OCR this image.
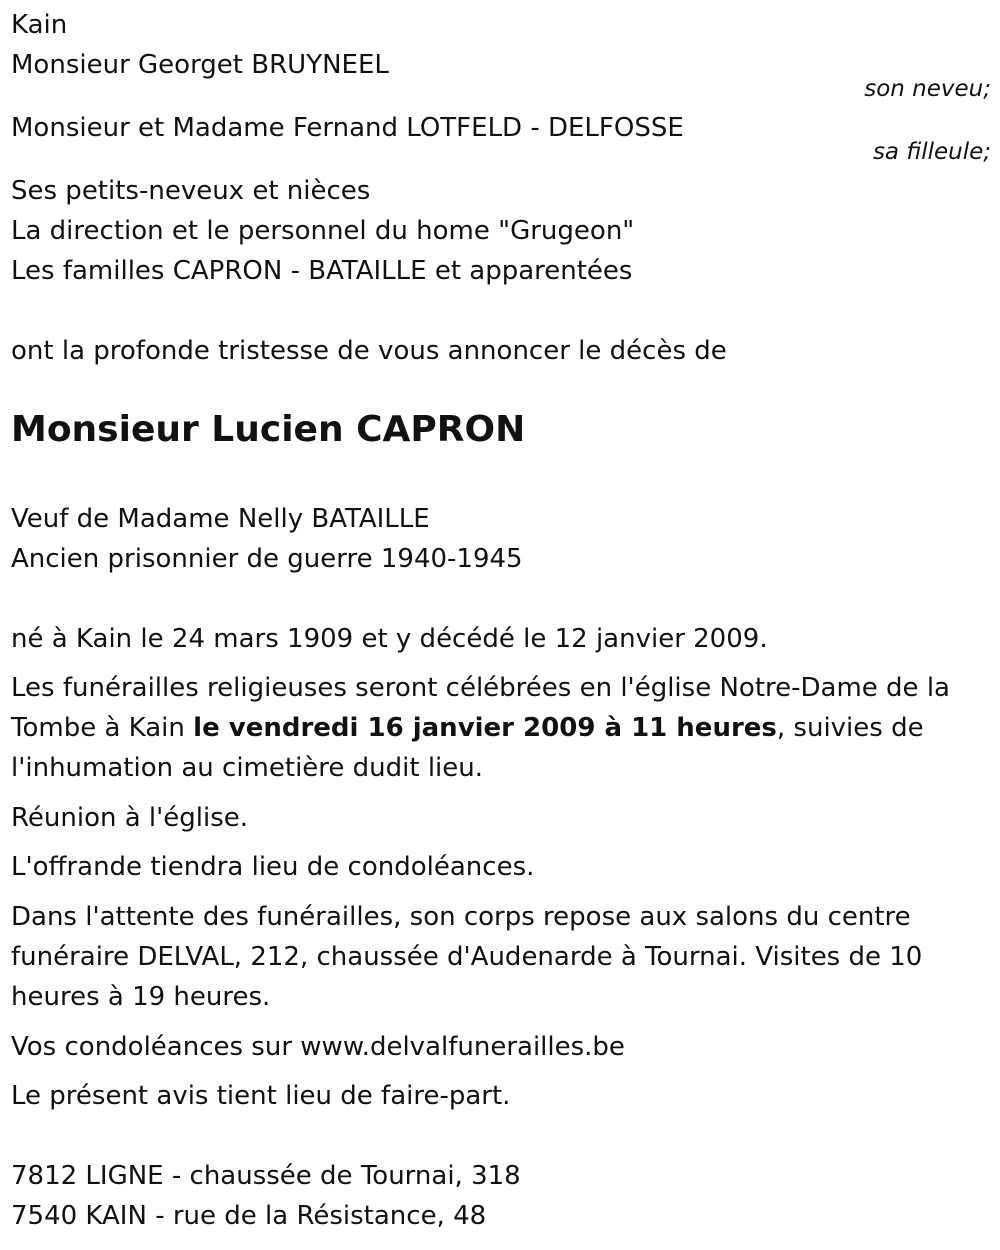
Kain
Monsieur Georget BRUYNEEL
son neveu;
Monsieur et Madame Fernand LOTFELD - DELFOSSE
sa filleule;
Ses petits-neveux et nièces
La direction et le personnel du home "Grugeon"
Les familles CAPRON - BATAILLE et apparentées
ont la profonde tristesse de vous annoncer le décès de
Monsieur Lucien CAPRON
Veuf de Madame Nelly BATAILLE
Ancien prisonnier de guerre 1940-1945
né à Kain le 24 mars 1909 et y décédé le 12 janvier 2009.
Les funérailles religieuses seront célébrées en l'église Notre-Dame de la Tombe à Kain le vendredi 16 janvier 2009 à 11 heures, suivies de l'inhumation au cimetière dudit lieu.
Réunion à l'église.
L'offrande tiendra lieu de condoléances.
Dans l'attente des funérailles, son corps repose aux salons du centre funéraire DELVAL, 212, chaussée d'Audenarde à Tournai. Visites de 10 heures à 19 heures.
Vos condoléances sur www.delvalfunerailles.be
Le présent avis tient lieu de faire-part.
7812 LIGNE - chaussée de Tournai, 318
7540 KAIN - rue de la Résistance, 48
